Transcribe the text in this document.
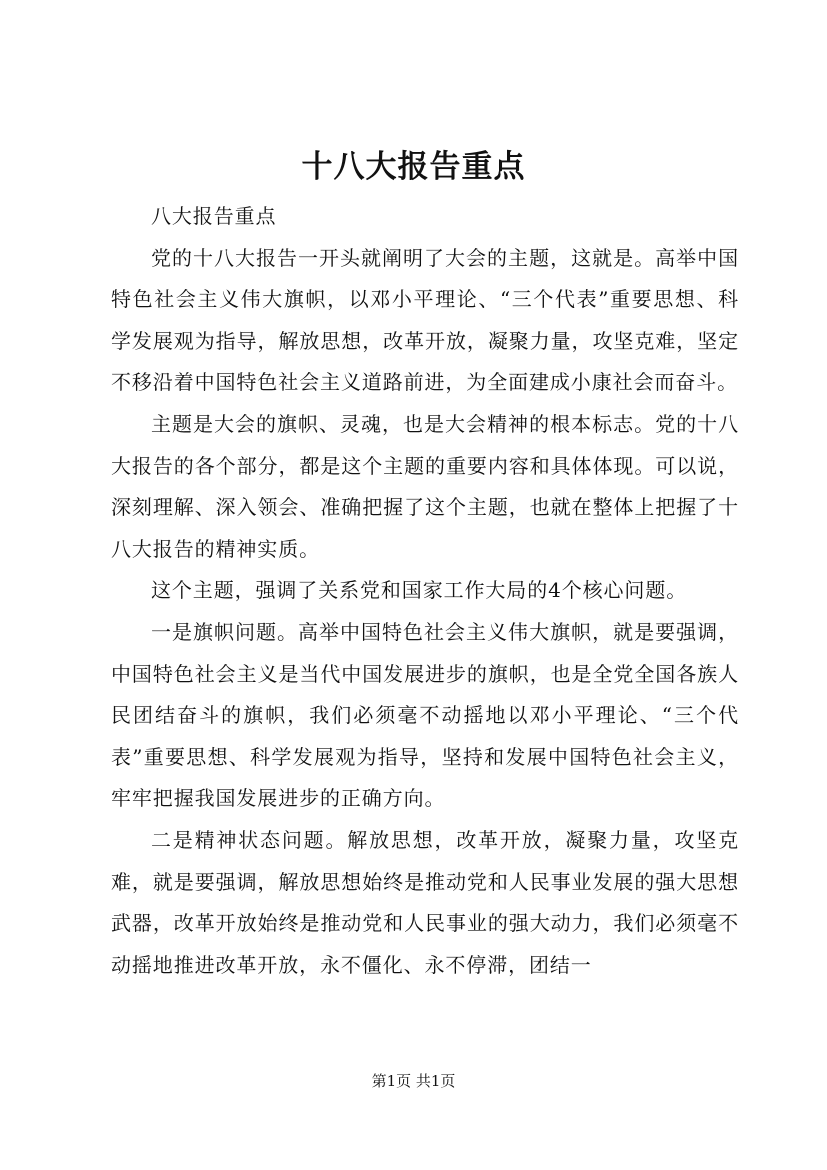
十八大报告重点

八大报告重点

党的十八大报告一开头就阐明了大会的主题，这就是。高举中国特色社会主义伟大旗帜，以邓小平理论、“三个代表”重要思想、科学发展观为指导，解放思想，改革开放，凝聚力量，攻坚克难，坚定不移沿着中国特色社会主义道路前进，为全面建成小康社会而奋斗。

主题是大会的旗帜、灵魂，也是大会精神的根本标志。党的十八大报告的各个部分，都是这个主题的重要内容和具体体现。可以说，深刻理解、深入领会、准确把握了这个主题，也就在整体上把握了十八大报告的精神实质。

这个主题，强调了关系党和国家工作大局的4个核心问题。

一是旗帜问题。高举中国特色社会主义伟大旗帜，就是要强调，中国特色社会主义是当代中国发展进步的旗帜，也是全党全国各族人民团结奋斗的旗帜，我们必须毫不动摇地以邓小平理论、“三个代表”重要思想、科学发展观为指导，坚持和发展中国特色社会主义，牢牢把握我国发展进步的正确方向。

二是精神状态问题。解放思想，改革开放，凝聚力量，攻坚克难，就是要强调，解放思想始终是推动党和人民事业发展的强大思想武器，改革开放始终是推动党和人民事业的强大动力，我们必须毫不动摇地推进改革开放，永不僵化、永不停滞，团结一

第1页 共1页
